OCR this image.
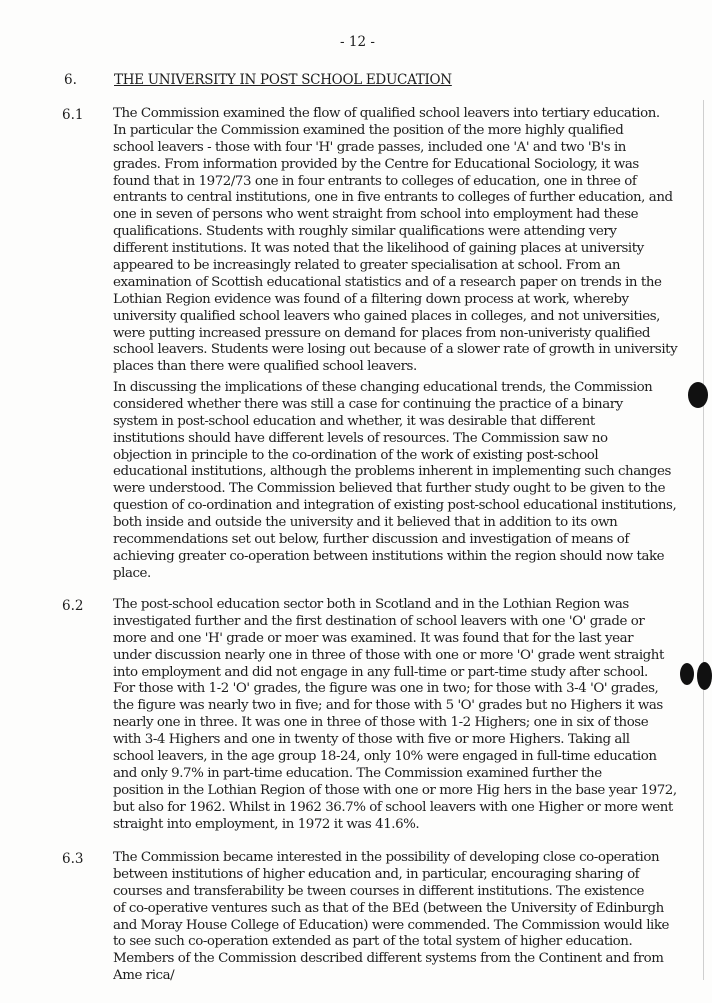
- 12 -
6.	THE UNIVERSITY IN POST SCHOOL EDUCATION
6.1 The Commission examined the flow of qualified school leavers into tertiary education.
In particular the Commission examined the position of the more highly qualified
school leavers - those with four 'H' grade passes, included one 'A' and two 'B's in
grades. From information provided by the Centre for Educational Sociology, it was
found that in 1972/73 one in four entrants to colleges of education, one in three of
entrants to central institutions, one in five entrants to colleges of further education, and
one in seven of persons who went straight from school into employment had these
qualifications. Students with roughly similar qualifications were attending very
different institutions. It was noted that the likelihood of gaining places at university
appeared to be increasingly related to greater specialisation at school. From an
examination of Scottish educational statistics and of a research paper on trends in the
Lothian Region evidence was found of a filtering down process at work, whereby
university qualified school leavers who gained places in colleges, and not universities,
were putting increased pressure on demand for places from non-univeristy qualified
school leavers. Students were losing out because of a slower rate of growth in university
places than there were qualified school leavers.
In discussing the implications of these changing educational trends, the Commission
considered whether there was still a case for continuing the practice of a binary
system in post-school education and whether, it was desirable that different
institutions should have different levels of resources. The Commission saw no
objection in principle to the co-ordination of the work of existing post-school
educational institutions, although the problems inherent in implementing such changes
were understood. The Commission believed that further study ought to be given to the
question of co-ordination and integration of existing post-school educational institutions,
both inside and outside the university and it believed that in addition to its own
recommendations set out below, further discussion and investigation of means of
achieving greater co-operation between institutions within the region should now take
place.
6.2 The post-school education sector both in Scotland and in the Lothian Region was
investigated further and the first destination of school leavers with one 'O' grade or
more and one 'H' grade or moer was examined. It was found that for the last year
under discussion nearly one in three of those with one or more 'O' grade went straight
into employment and did not engage in any full-time or part-time study after school.
For those with 1-2 'O' grades, the figure was one in two; for those with 3-4 'O' grades,
the figure was nearly two in five; and for those with 5 'O' grades but no Highers it was
nearly one in three. It was one in three of those with 1-2 Highers; one in six of those
with 3-4 Highers and one in twenty of those with five or more Highers. Taking all
school leavers, in the age group 18-24, only 10% were engaged in full-time education
and only 9.7% in part-time education. The Commission examined further the
position in the Lothian Region of those with one or more Hig hers in the base year 1972,
but also for 1962. Whilst in 1962 36.7% of school leavers with one Higher or more went
straight into employment, in 1972 it was 41.6%.
6.3 The Commission became interested in the possibility of developing close co-operation
between institutions of higher education and, in particular, encouraging sharing of
courses and transferability be tween courses in different institutions. The existence
of co-operative ventures such as that of the BEd (between the University of Edinburgh
and Moray House College of Education) were commended. The Commission would like
to see such co-operation extended as part of the total system of higher education.
Members of the Commission described different systems from the Continent and from
Ame rica/
